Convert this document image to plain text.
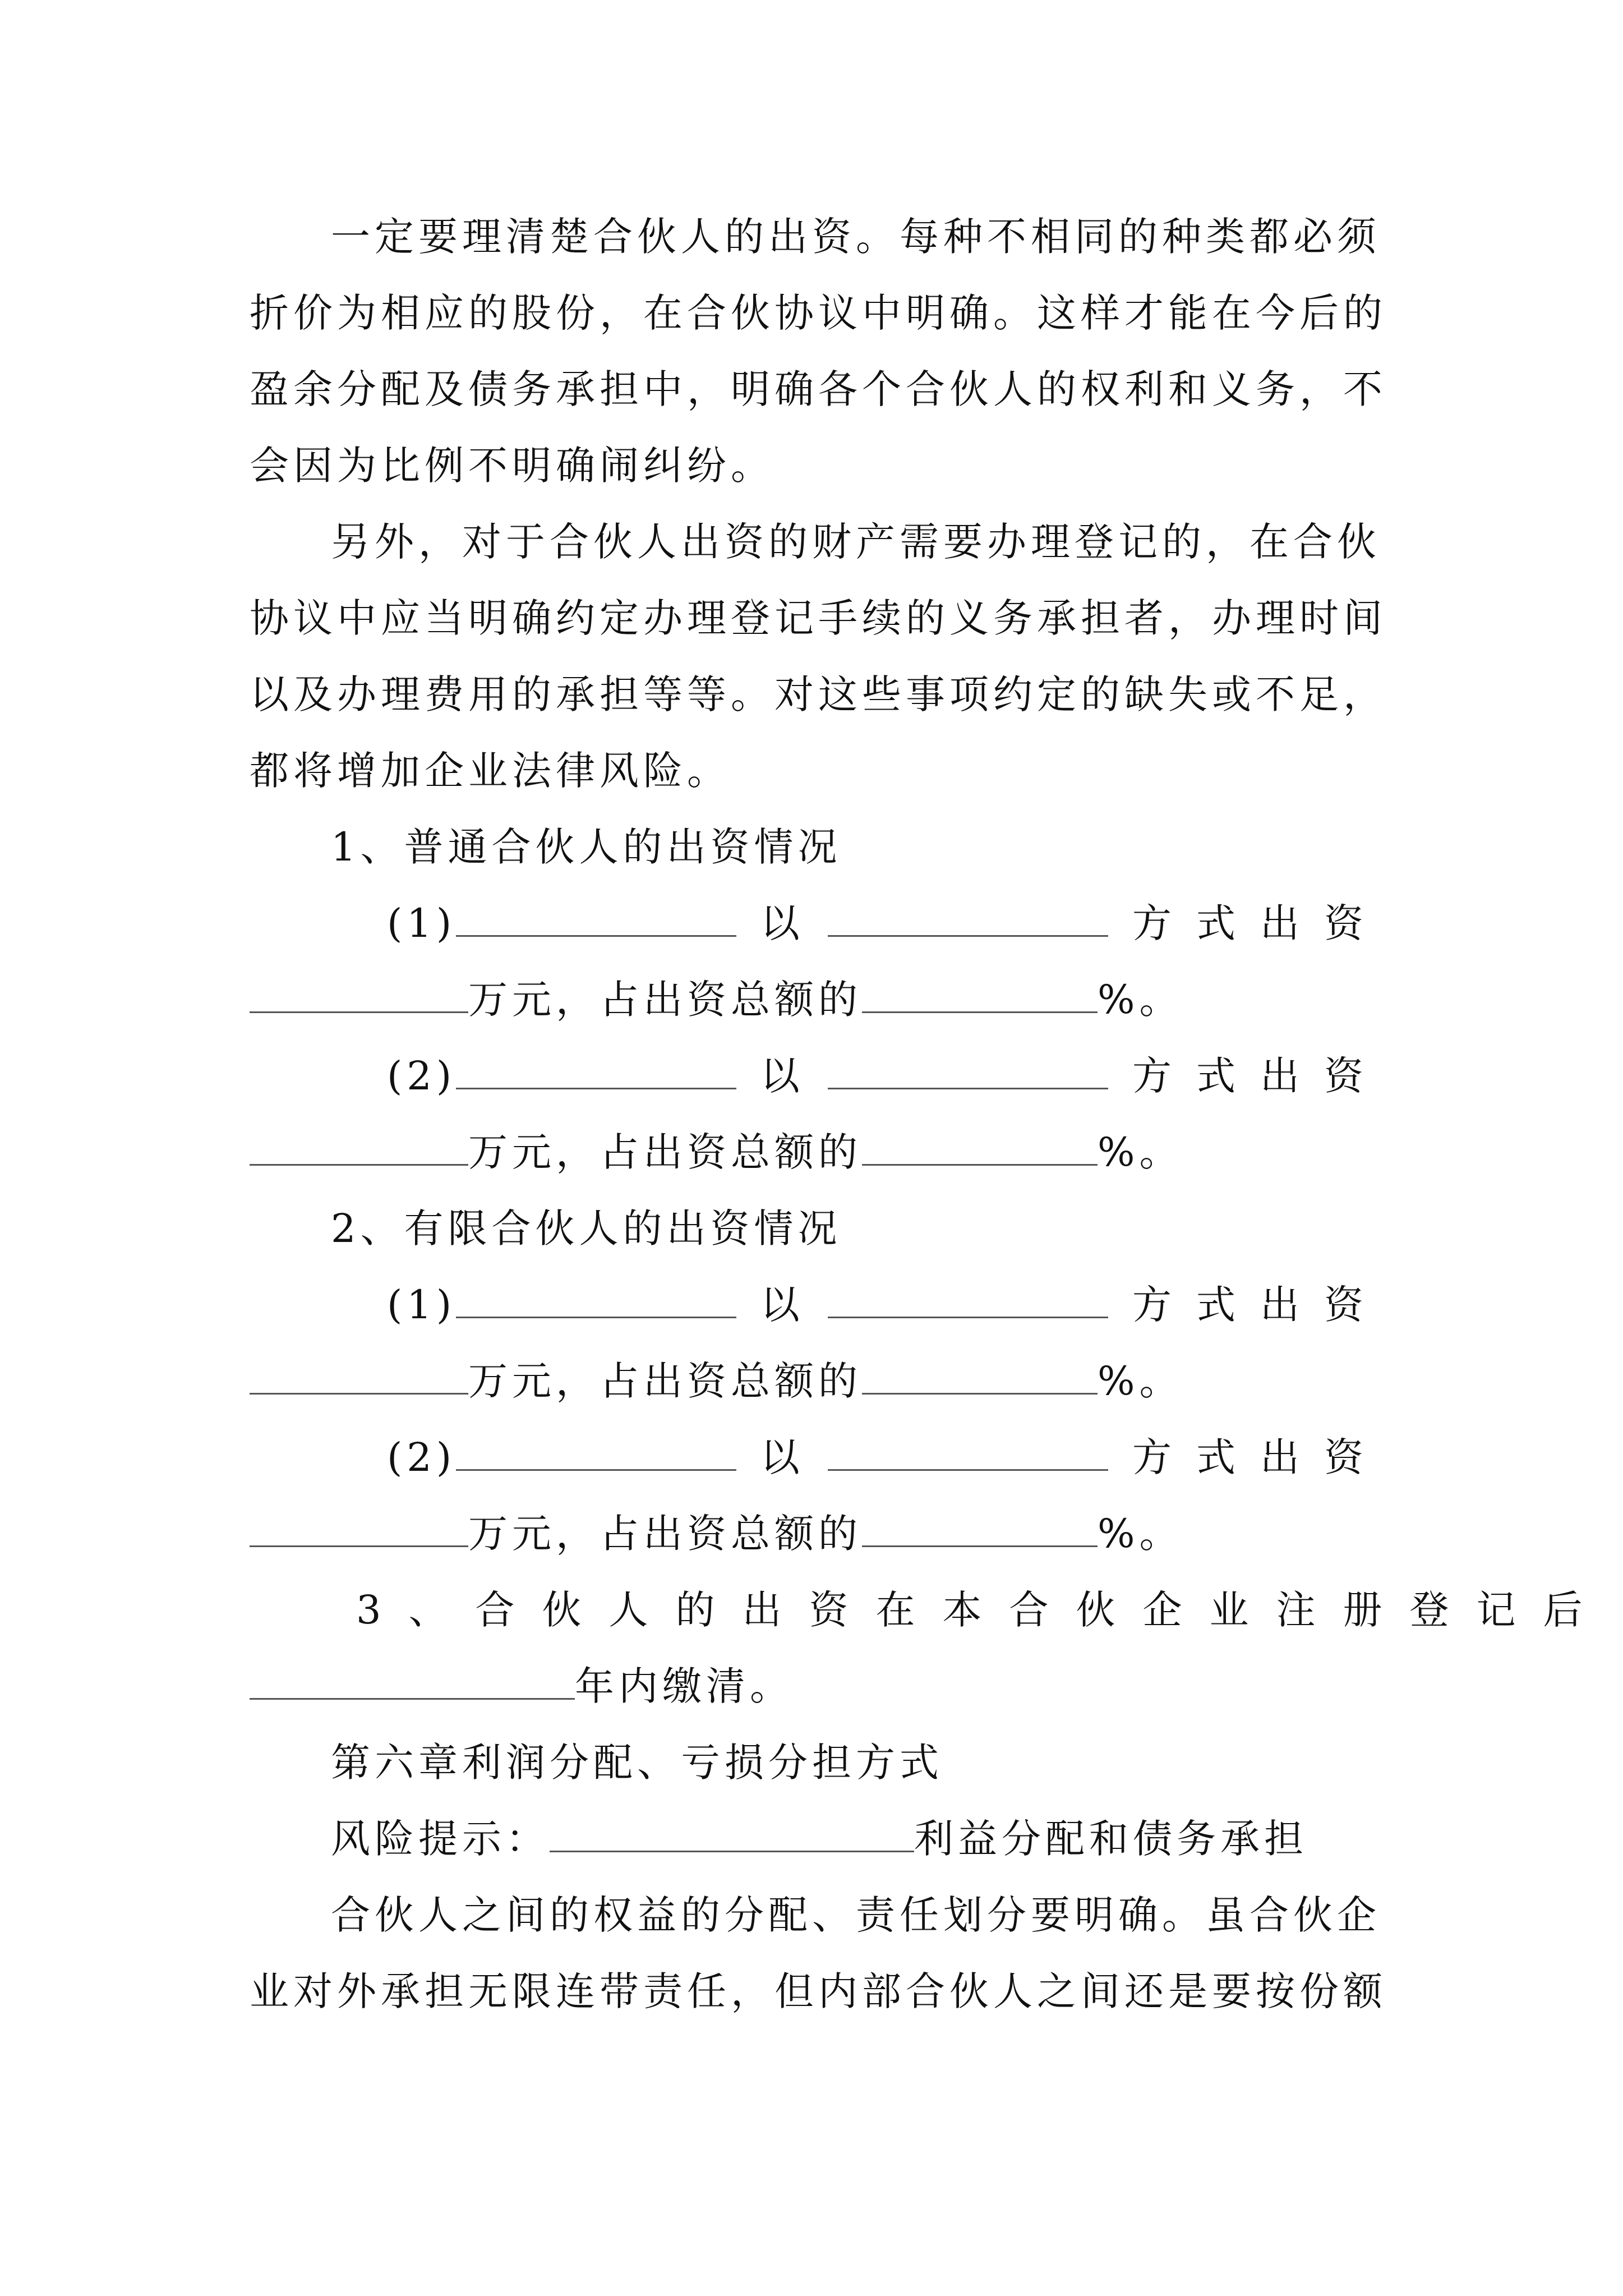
一定要理清楚合伙人的出资。每种不相同的种类都必须
折价为相应的股份，在合伙协议中明确。这样才能在今后的
盈余分配及债务承担中，明确各个合伙人的权利和义务，不
会因为比例不明确闹纠纷。
另外，对于合伙人出资的财产需要办理登记的，在合伙
协议中应当明确约定办理登记手续的义务承担者，办理时间
以及办理费用的承担等等。对这些事项约定的缺失或不足，
都将增加企业法律风险。
1、普通合伙人的出资情况
(1)	以	方式出资
万元，占出资总额的	%。
(2)	以	方式出资
万元，占出资总额的	%。
2、有限合伙人的出资情况
(1)	以	方式出资
万元，占出资总额的	%。
(2)	以	方式出资
万元，占出资总额的	%。
3、合伙人的出资在本合伙企业注册登记后
年内缴清。
第六章利润分配、亏损分担方式
风险提示：	利益分配和债务承担
合伙人之间的权益的分配、责任划分要明确。虽合伙企
业对外承担无限连带责任，但内部合伙人之间还是要按份额
